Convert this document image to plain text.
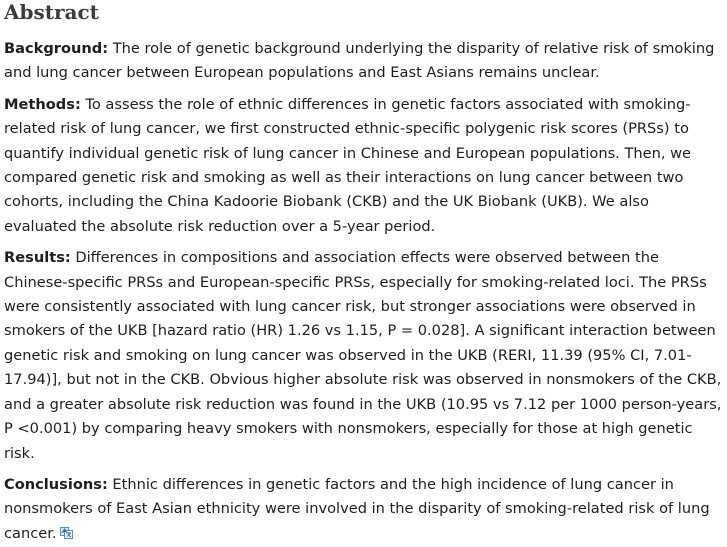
Abstract

Background: The role of genetic background underlying the disparity of relative risk of smoking and lung cancer between European populations and East Asians remains unclear.

Methods: To assess the role of ethnic differences in genetic factors associated with smoking-related risk of lung cancer, we first constructed ethnic-specific polygenic risk scores (PRSs) to quantify individual genetic risk of lung cancer in Chinese and European populations. Then, we compared genetic risk and smoking as well as their interactions on lung cancer between two cohorts, including the China Kadoorie Biobank (CKB) and the UK Biobank (UKB). We also evaluated the absolute risk reduction over a 5-year period.

Results: Differences in compositions and association effects were observed between the Chinese-specific PRSs and European-specific PRSs, especially for smoking-related loci. The PRSs were consistently associated with lung cancer risk, but stronger associations were observed in smokers of the UKB [hazard ratio (HR) 1.26 vs 1.15, P = 0.028]. A significant interaction between genetic risk and smoking on lung cancer was observed in the UKB (RERI, 11.39 (95% CI, 7.01-17.94)], but not in the CKB. Obvious higher absolute risk was observed in nonsmokers of the CKB, and a greater absolute risk reduction was found in the UKB (10.95 vs 7.12 per 1000 person-years, P <0.001) by comparing heavy smokers with nonsmokers, especially for those at high genetic risk.

Conclusions: Ethnic differences in genetic factors and the high incidence of lung cancer in nonsmokers of East Asian ethnicity were involved in the disparity of smoking-related risk of lung cancer.
